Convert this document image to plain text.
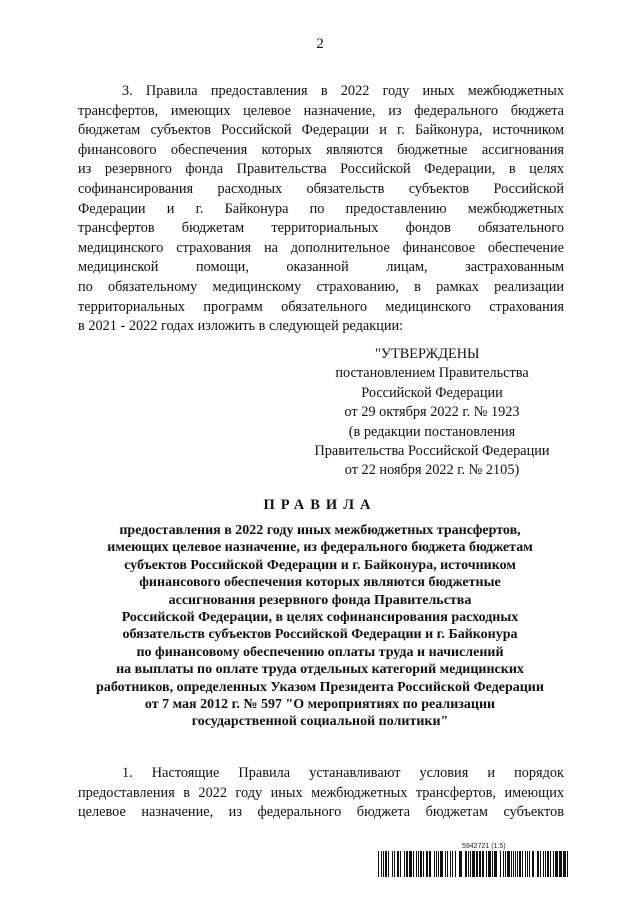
2
3. Правила предоставления в 2022 году иных межбюджетных
трансфертов, имеющих целевое назначение, из федерального бюджета
бюджетам субъектов Российской Федерации и г. Байконура, источником
финансового обеспечения которых являются бюджетные ассигнования
из резервного фонда Правительства Российской Федерации, в целях
софинансирования расходных обязательств субъектов Российской
Федерации и г. Байконура по предоставлению межбюджетных
трансфертов бюджетам территориальных фондов обязательного
медицинского страхования на дополнительное финансовое обеспечение
медицинской помощи, оказанной лицам, застрахованным
по обязательному медицинскому страхованию, в рамках реализации
территориальных программ обязательного медицинского страхования
в 2021 - 2022 годах изложить в следующей редакции:
"УТВЕРЖДЕНЫ
постановлением Правительства
Российской Федерации
от 29 октября 2022 г. № 1923
(в редакции постановления
Правительства Российской Федерации
от 22 ноября 2022 г. № 2105)
ПРАВИЛА
предоставления в 2022 году иных межбюджетных трансфертов,
имеющих целевое назначение, из федерального бюджета бюджетам
субъектов Российской Федерации и г. Байконура, источником
финансового обеспечения которых являются бюджетные
ассигнования резервного фонда Правительства
Российской Федерации, в целях софинансирования расходных
обязательств субъектов Российской Федерации и г. Байконура
по финансовому обеспечению оплаты труда и начислений
на выплаты по оплате труда отдельных категорий медицинских
работников, определенных Указом Президента Российской Федерации
от 7 мая 2012 г. № 597 "О мероприятиях по реализации
государственной социальной политики"
1. Настоящие Правила устанавливают условия и порядок
предоставления в 2022 году иных межбюджетных трансфертов, имеющих
целевое назначение, из федерального бюджета бюджетам субъектов
5942721 (1.5)
